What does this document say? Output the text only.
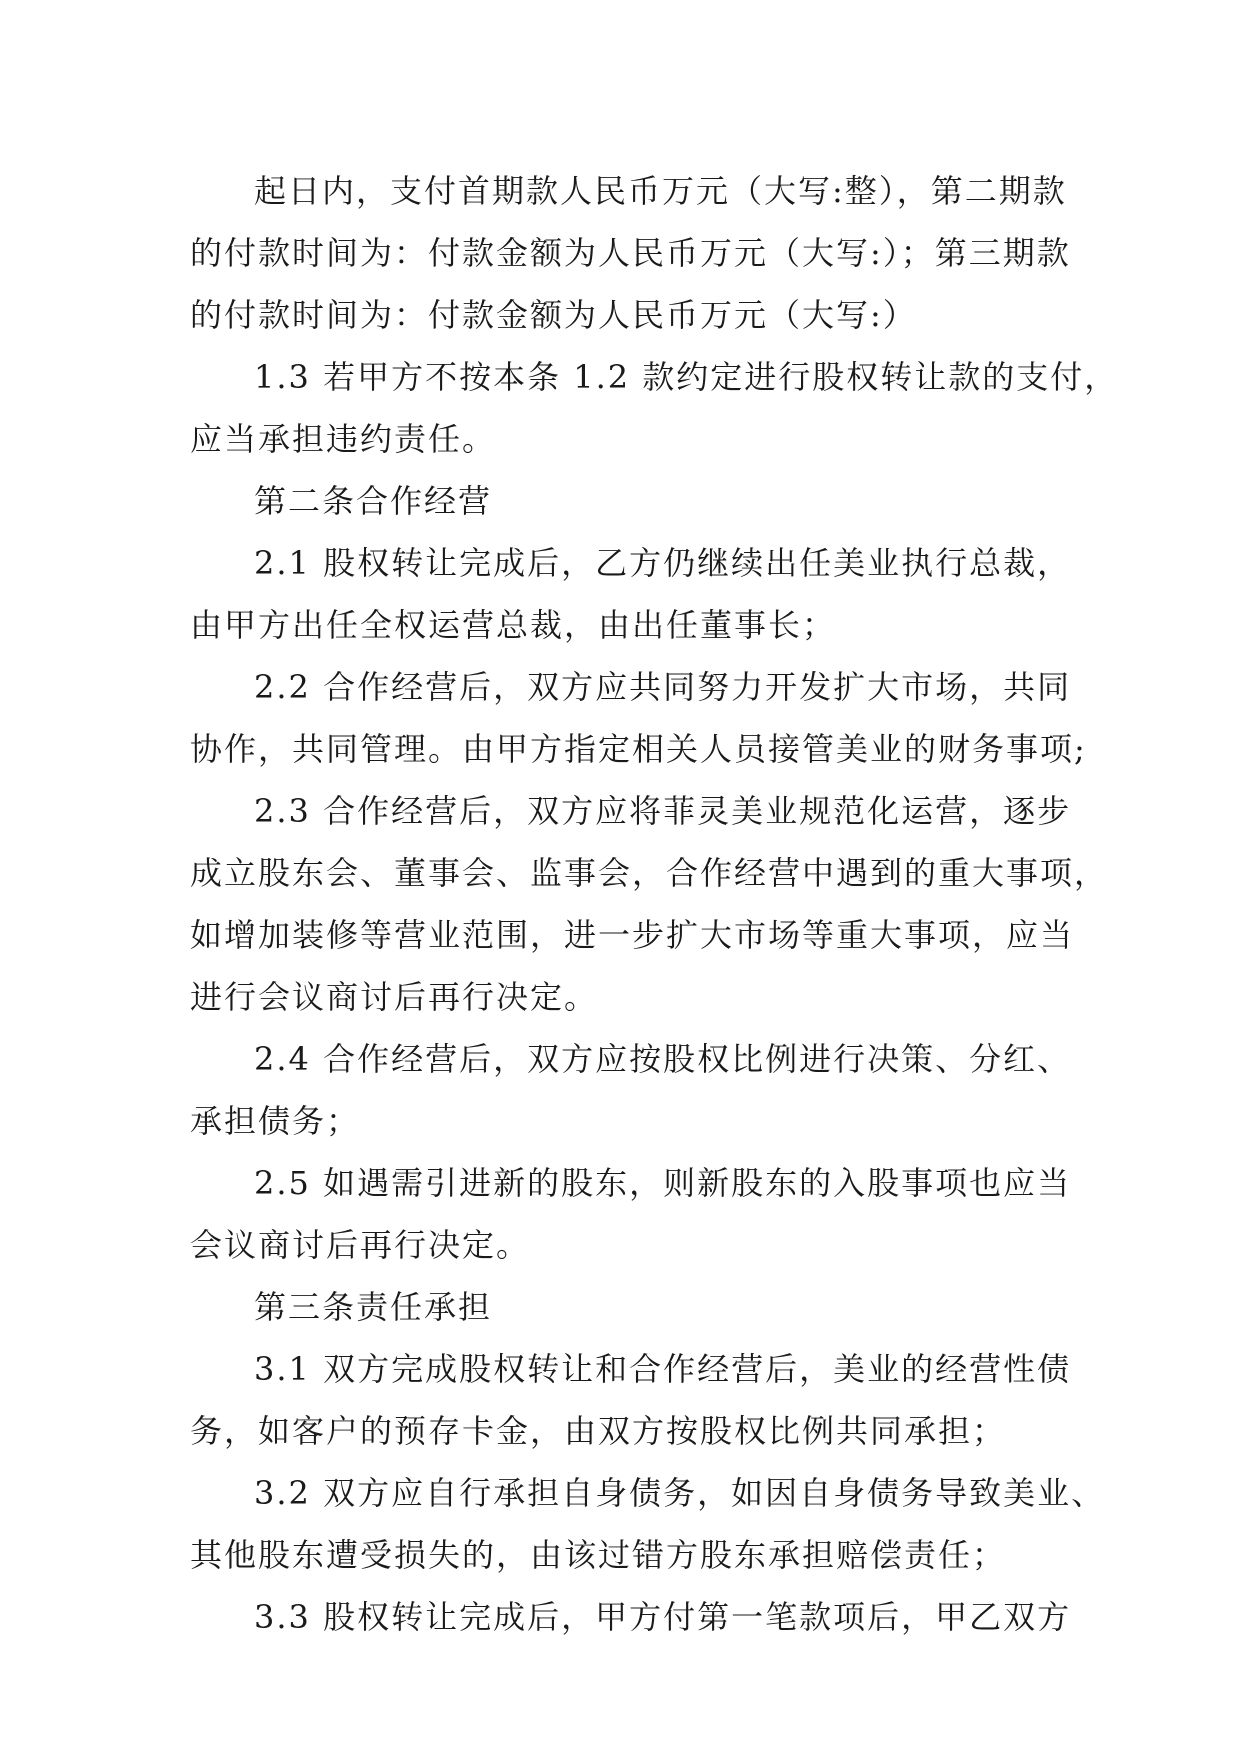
起日内，支付首期款人民币万元（大写:整），第二期款
的付款时间为：付款金额为人民币万元（大写:）；第三期款
的付款时间为：付款金额为人民币万元（大写:）
1.3 若甲方不按本条 1.2 款约定进行股权转让款的支付，
应当承担违约责任。
第二条合作经营
2.1 股权转让完成后，乙方仍继续出任美业执行总裁，
由甲方出任全权运营总裁，由出任董事长；
2.2 合作经营后，双方应共同努力开发扩大市场，共同
协作，共同管理。由甲方指定相关人员接管美业的财务事项;
2.3 合作经营后，双方应将菲灵美业规范化运营，逐步
成立股东会、董事会、监事会，合作经营中遇到的重大事项，
如增加装修等营业范围，进一步扩大市场等重大事项，应当
进行会议商讨后再行决定。
2.4 合作经营后，双方应按股权比例进行决策、分红、
承担债务；
2.5 如遇需引进新的股东，则新股东的入股事项也应当
会议商讨后再行决定。
第三条责任承担
3.1 双方完成股权转让和合作经营后，美业的经营性债
务，如客户的预存卡金，由双方按股权比例共同承担；
3.2 双方应自行承担自身债务，如因自身债务导致美业、
其他股东遭受损失的，由该过错方股东承担赔偿责任；
3.3 股权转让完成后，甲方付第一笔款项后，甲乙双方
